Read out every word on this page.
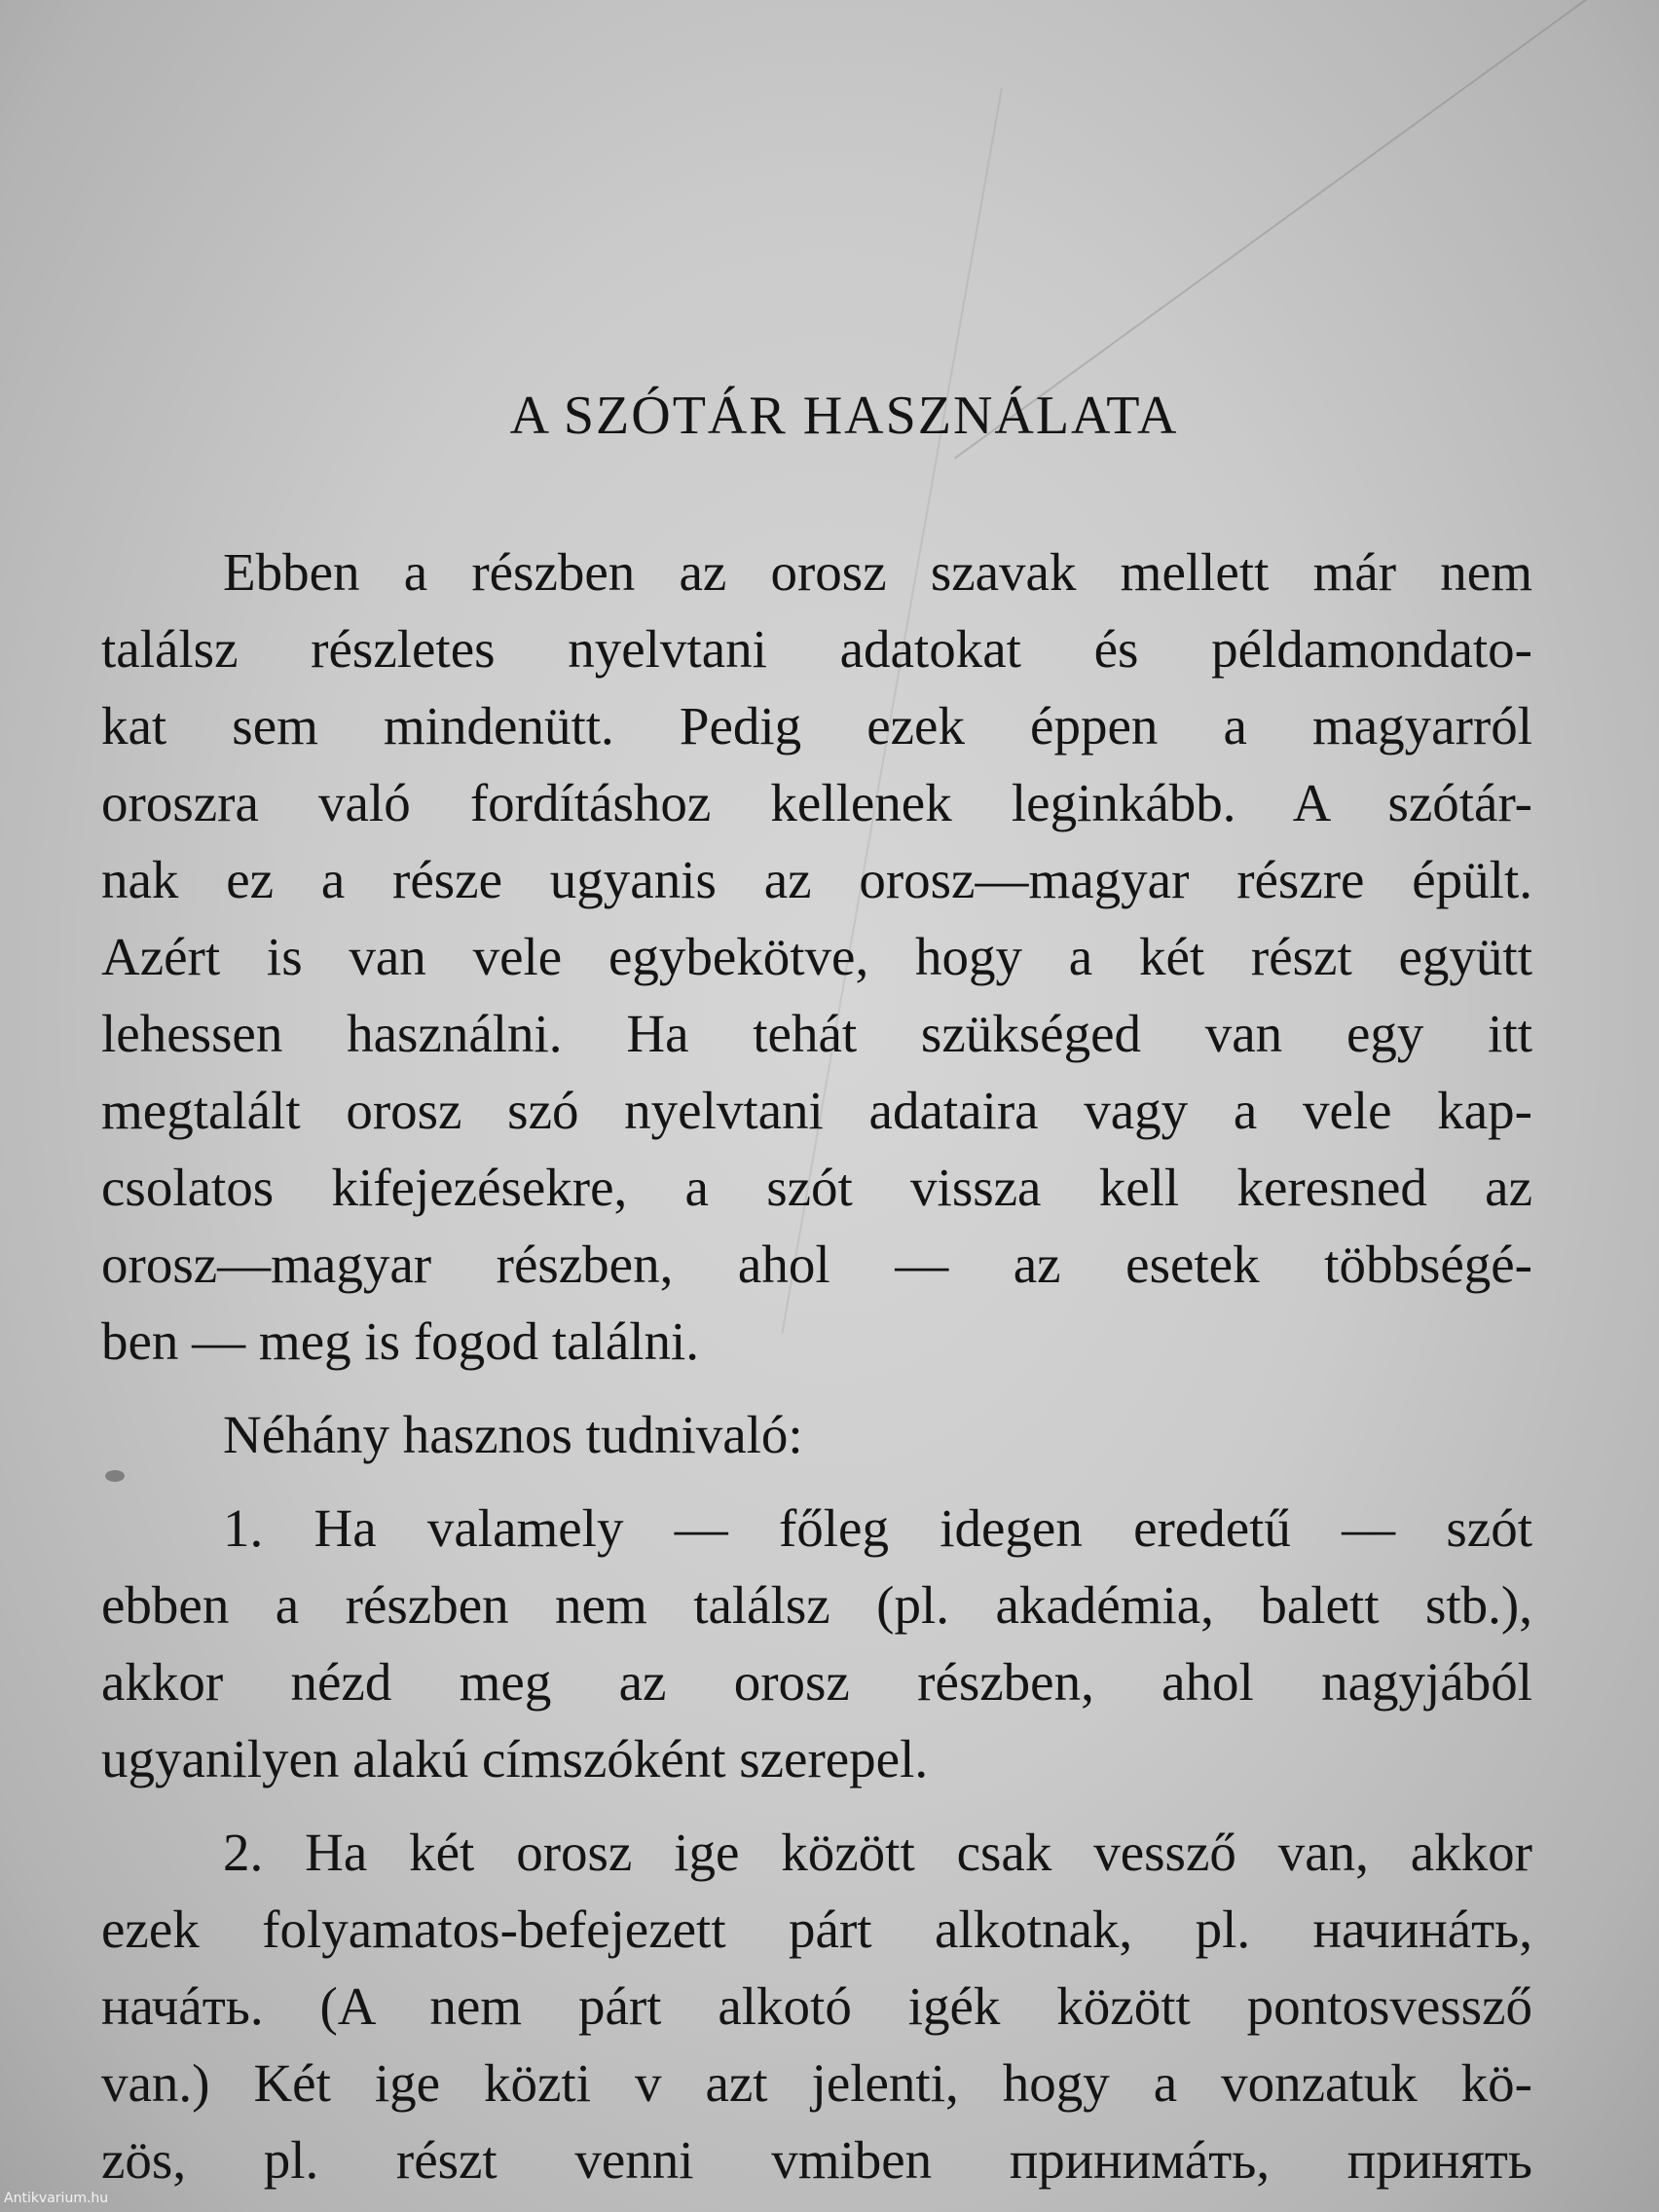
A SZÓTÁR HASZNÁLATA
Ebben a részben az orosz szavak mellett már nem
találsz részletes nyelvtani adatokat és példamondato-
kat sem mindenütt. Pedig ezek éppen a magyarról
oroszra való fordításhoz kellenek leginkább. A szótár-
nak ez a része ugyanis az orosz—magyar részre épült.
Azért is van vele egybekötve, hogy a két részt együtt
lehessen használni. Ha tehát szükséged van egy itt
megtalált orosz szó nyelvtani adataira vagy a vele kap-
csolatos kifejezésekre, a szót vissza kell keresned az
orosz—magyar részben, ahol — az esetek többségé-
ben — meg is fogod találni.
Néhány hasznos tudnivaló:
1. Ha valamely — főleg idegen eredetű — szót
ebben a részben nem találsz (pl. akadémia, balett stb.),
akkor nézd meg az orosz részben, ahol nagyjából
ugyanilyen alakú címszóként szerepel.
2. Ha két orosz ige között csak vessző van, akkor
ezek folyamatos-befejezett párt alkotnak, pl. начинáть,
начáть. (A nem párt alkotó igék között pontosvessző
van.) Két ige közti v azt jelenti, hogy a vonzatuk kö-
zös, pl. részt venni vmiben принимáть, принять
Antikvarium.hu
